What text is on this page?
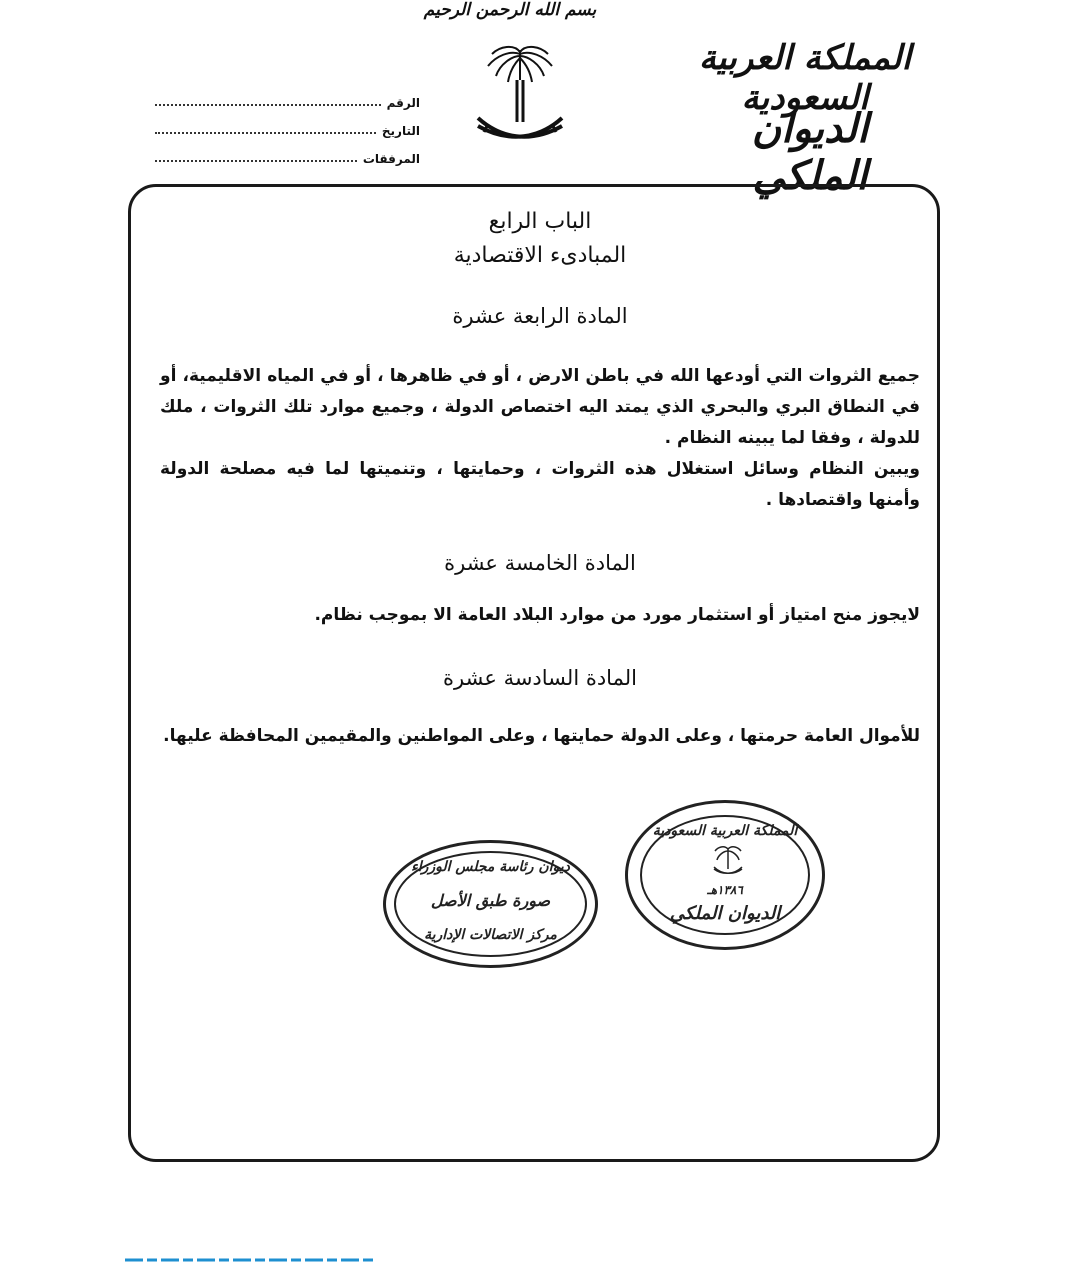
بسم الله الرحمن الرحيم
الرقم
التاريخ
المرفقات
المملكة العربية السعودية
الديوان الملكي
الباب الرابع
المبادىء الاقتصادية
المادة الرابعة عشرة
جميع الثروات التي أودعها الله في باطن الارض ، أو في ظاهرها ، أو في المياه الاقليمية، أو في النطاق البري والبحري الذي يمتد اليه اختصاص الدولة ، وجميع موارد تلك الثروات ، ملك للدولة ، وفقا لما يبينه النظام .
ويبين النظام وسائل استغلال هذه الثروات ، وحمايتها ، وتنميتها لما فيه مصلحة الدولة وأمنها واقتصادها .
المادة الخامسة عشرة
لايجوز منح امتياز أو استثمار مورد من موارد البلاد العامة الا بموجب نظام.
المادة السادسة عشرة
للأموال العامة حرمتها ، وعلى الدولة حمايتها ، وعلى المواطنين والمقيمين المحافظة عليها.
ديوان رئاسة مجلس الوزراء
صورة طبق الأصل
مركز الاتصالات الإدارية
المملكة العربية السعودية
١٣٨٦هـ
الديوان الملكي
